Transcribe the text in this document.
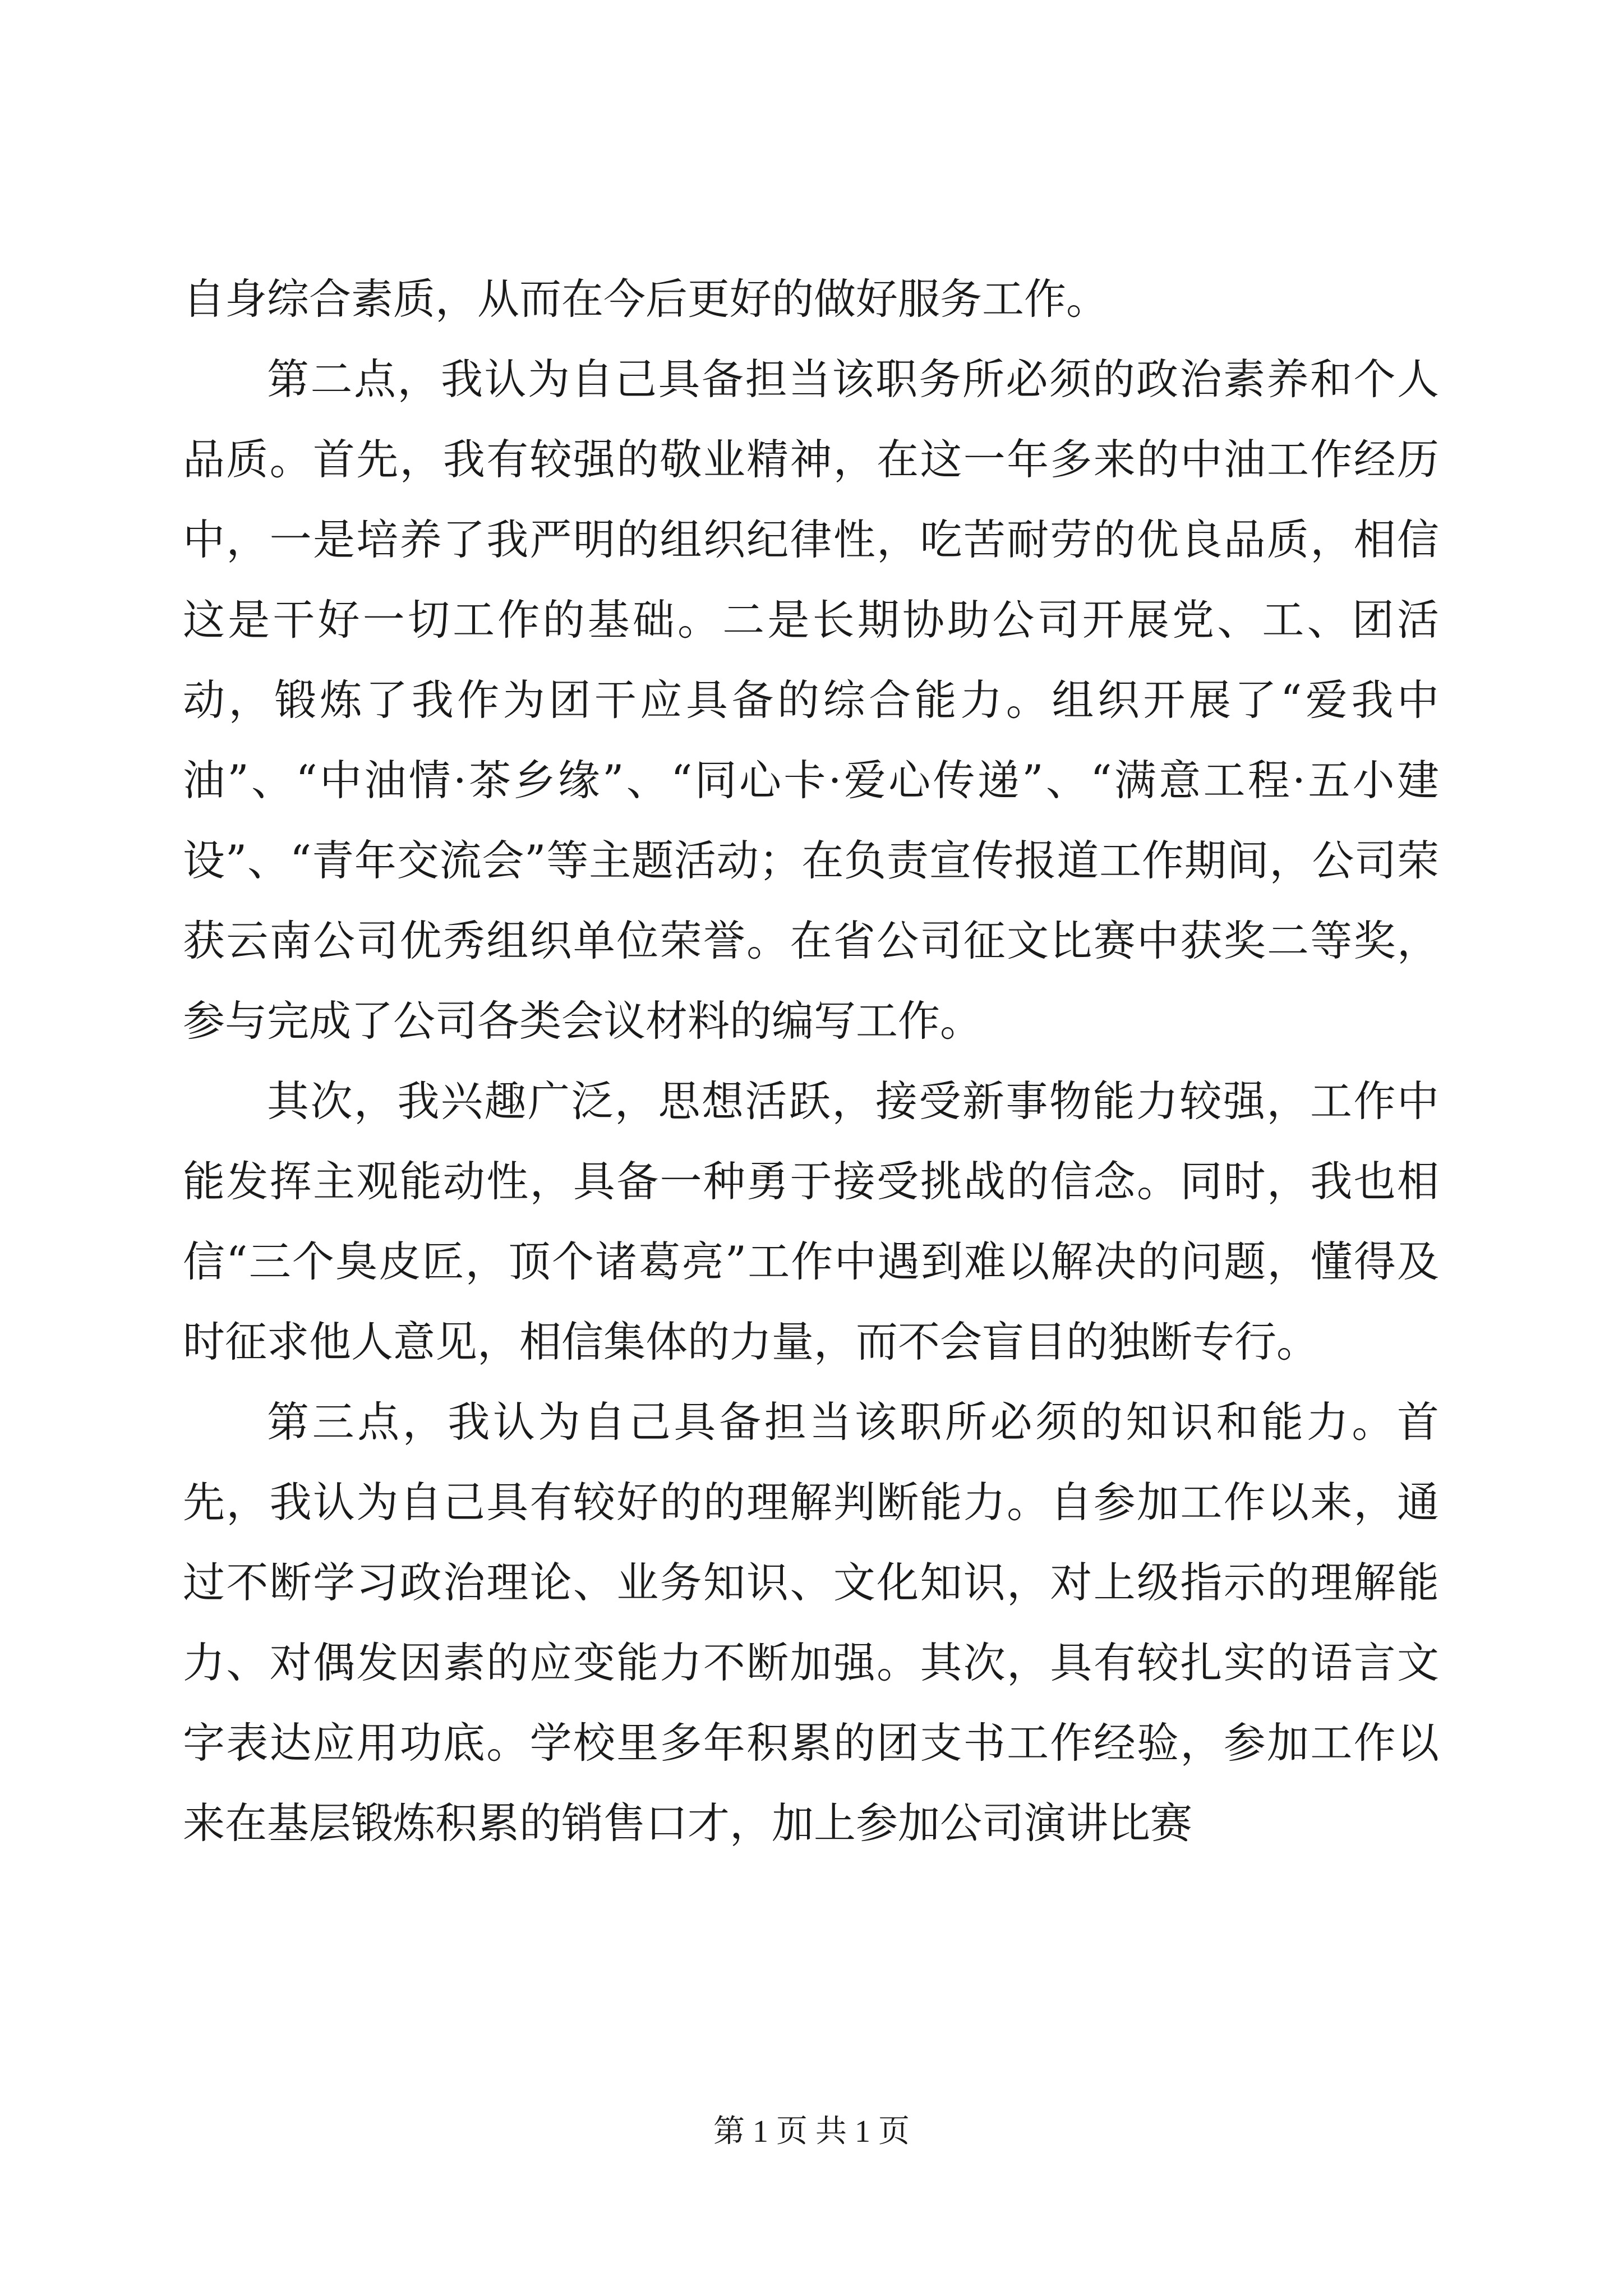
自身综合素质，从而在今后更好的做好服务工作。

第二点，我认为自己具备担当该职务所必须的政治素养和个人品质。首先，我有较强的敬业精神，在这一年多来的中油工作经历中，一是培养了我严明的组织纪律性，吃苦耐劳的优良品质，相信这是干好一切工作的基础。二是长期协助公司开展党、工、团活动，锻炼了我作为团干应具备的综合能力。组织开展了“爱我中油”、“中油情·茶乡缘”、“同心卡·爱心传递”、“满意工程·五小建设”、“青年交流会”等主题活动；在负责宣传报道工作期间，公司荣获云南公司优秀组织单位荣誉。在省公司征文比赛中获奖二等奖，参与完成了公司各类会议材料的编写工作。

其次，我兴趣广泛，思想活跃，接受新事物能力较强，工作中能发挥主观能动性，具备一种勇于接受挑战的信念。同时，我也相信“三个臭皮匠，顶个诸葛亮”工作中遇到难以解决的问题，懂得及时征求他人意见，相信集体的力量，而不会盲目的独断专行。

第三点，我认为自己具备担当该职所必须的知识和能力。首先，我认为自己具有较好的的理解判断能力。自参加工作以来，通过不断学习政治理论、业务知识、文化知识，对上级指示的理解能力、对偶发因素的应变能力不断加强。其次，具有较扎实的语言文字表达应用功底。学校里多年积累的团支书工作经验，参加工作以来在基层锻炼积累的销售口才，加上参加公司演讲比赛

第 1 页 共 1 页
